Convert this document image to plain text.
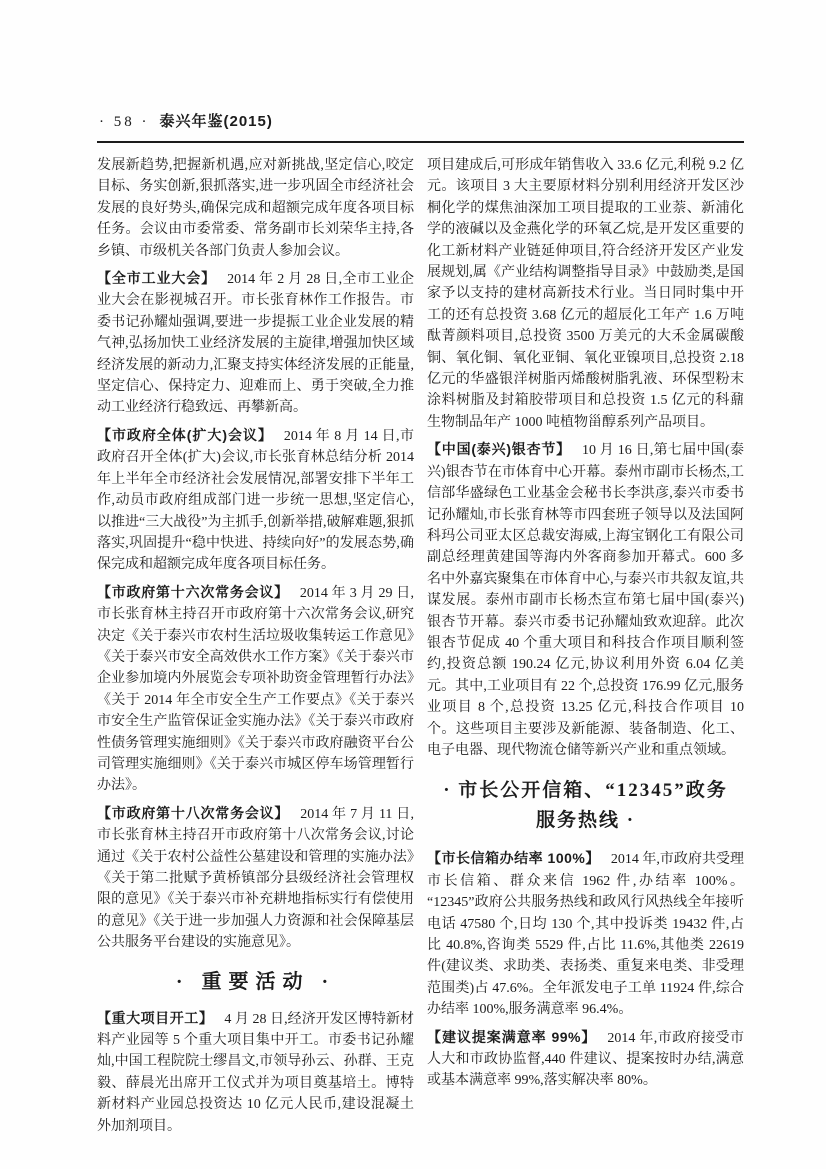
· 58 · 泰兴年鉴(2015)

发展新趋势,把握新机遇,应对新挑战,坚定信心,咬定目标、务实创新,狠抓落实,进一步巩固全市经济社会发展的良好势头,确保完成和超额完成年度各项目标任务。会议由市委常委、常务副市长刘荣华主持,各乡镇、市级机关各部门负责人参加会议。

【全市工业大会】 2014 年 2 月 28 日,全市工业企业大会在影视城召开。市长张育林作工作报告。市委书记孙耀灿强调,要进一步提振工业企业发展的精气神,弘扬加快工业经济发展的主旋律,增强加快区域经济发展的新动力,汇聚支持实体经济发展的正能量,坚定信心、保持定力、迎难而上、勇于突破,全力推动工业经济行稳致远、再攀新高。

【市政府全体(扩大)会议】 2014 年 8 月 14 日,市政府召开全体(扩大)会议,市长张育林总结分析 2014 年上半年全市经济社会发展情况,部署安排下半年工作,动员市政府组成部门进一步统一思想,坚定信心,以推进“三大战役”为主抓手,创新举措,破解难题,狠抓落实,巩固提升“稳中快进、持续向好”的发展态势,确保完成和超额完成年度各项目标任务。

【市政府第十六次常务会议】 2014 年 3 月 29 日,市长张育林主持召开市政府第十六次常务会议,研究决定《关于泰兴市农村生活垃圾收集转运工作意见》《关于泰兴市安全高效供水工作方案》《关于泰兴市企业参加境内外展览会专项补助资金管理暂行办法》《关于 2014 年全市安全生产工作要点》《关于泰兴市安全生产监管保证金实施办法》《关于泰兴市政府性债务管理实施细则》《关于泰兴市政府融资平台公司管理实施细则》《关于泰兴市城区停车场管理暂行办法》。

【市政府第十八次常务会议】 2014 年 7 月 11 日,市长张育林主持召开市政府第十八次常务会议,讨论通过《关于农村公益性公墓建设和管理的实施办法》《关于第二批赋予黄桥镇部分县级经济社会管理权限的意见》《关于泰兴市补充耕地指标实行有偿使用的意见》《关于进一步加强人力资源和社会保障基层公共服务平台建设的实施意见》。

· 重要活动 ·

【重大项目开工】 4 月 28 日,经济开发区博特新材料产业园等 5 个重大项目集中开工。市委书记孙耀灿,中国工程院院士缪昌文,市领导孙云、孙群、王克毅、薛晨光出席开工仪式并为项目奠基培土。博特新材料产业园总投资达 10 亿元人民币,建设混凝土外加剂项目。

项目建成后,可形成年销售收入 33.6 亿元,利税 9.2 亿元。该项目 3 大主要原材料分别利用经济开发区沙桐化学的煤焦油深加工项目提取的工业萘、新浦化学的液碱以及金燕化学的环氧乙烷,是开发区重要的化工新材料产业链延伸项目,符合经济开发区产业发展规划,属《产业结构调整指导目录》中鼓励类,是国家予以支持的建材高新技术行业。当日同时集中开工的还有总投资 3.68 亿元的超辰化工年产 1.6 万吨酞菁颜料项目,总投资 3500 万美元的大禾金属碳酸铜、氧化铜、氧化亚铜、氧化亚镍项目,总投资 2.18 亿元的华盛银洋树脂丙烯酸树脂乳液、环保型粉末涂料树脂及封箱胶带项目和总投资 1.5 亿元的科鼐生物制品年产 1000 吨植物甾醇系列产品项目。

【中国(泰兴)银杏节】 10 月 16 日,第七届中国(泰兴)银杏节在市体育中心开幕。泰州市副市长杨杰,工信部华盛绿色工业基金会秘书长李洪彦,泰兴市委书记孙耀灿,市长张育林等市四套班子领导以及法国阿科玛公司亚太区总裁安海威,上海宝钢化工有限公司副总经理黄建国等海内外客商参加开幕式。600 多名中外嘉宾聚集在市体育中心,与泰兴市共叙友谊,共谋发展。泰州市副市长杨杰宣布第七届中国(泰兴)银杏节开幕。泰兴市委书记孙耀灿致欢迎辞。此次银杏节促成 40 个重大项目和科技合作项目顺利签约,投资总额 190.24 亿元,协议利用外资 6.04 亿美元。其中,工业项目有 22 个,总投资 176.99 亿元,服务业项目 8 个,总投资 13.25 亿元,科技合作项目 10 个。这些项目主要涉及新能源、装备制造、化工、电子电器、现代物流仓储等新兴产业和重点领域。

· 市长公开信箱、“12345”政务
服务热线 ·

【市长信箱办结率 100%】 2014 年,市政府共受理市长信箱、群众来信 1962 件,办结率 100%。“12345”政府公共服务热线和政风行风热线全年接听电话 47580 个,日均 130 个,其中投诉类 19432 件,占比 40.8%,咨询类 5529 件,占比 11.6%,其他类 22619 件(建议类、求助类、表扬类、重复来电类、非受理范围类)占 47.6%。全年派发电子工单 11924 件,综合办结率 100%,服务满意率 96.4%。

【建议提案满意率 99%】 2014 年,市政府接受市人大和市政协监督,440 件建议、提案按时办结,满意或基本满意率 99%,落实解决率 80%。
